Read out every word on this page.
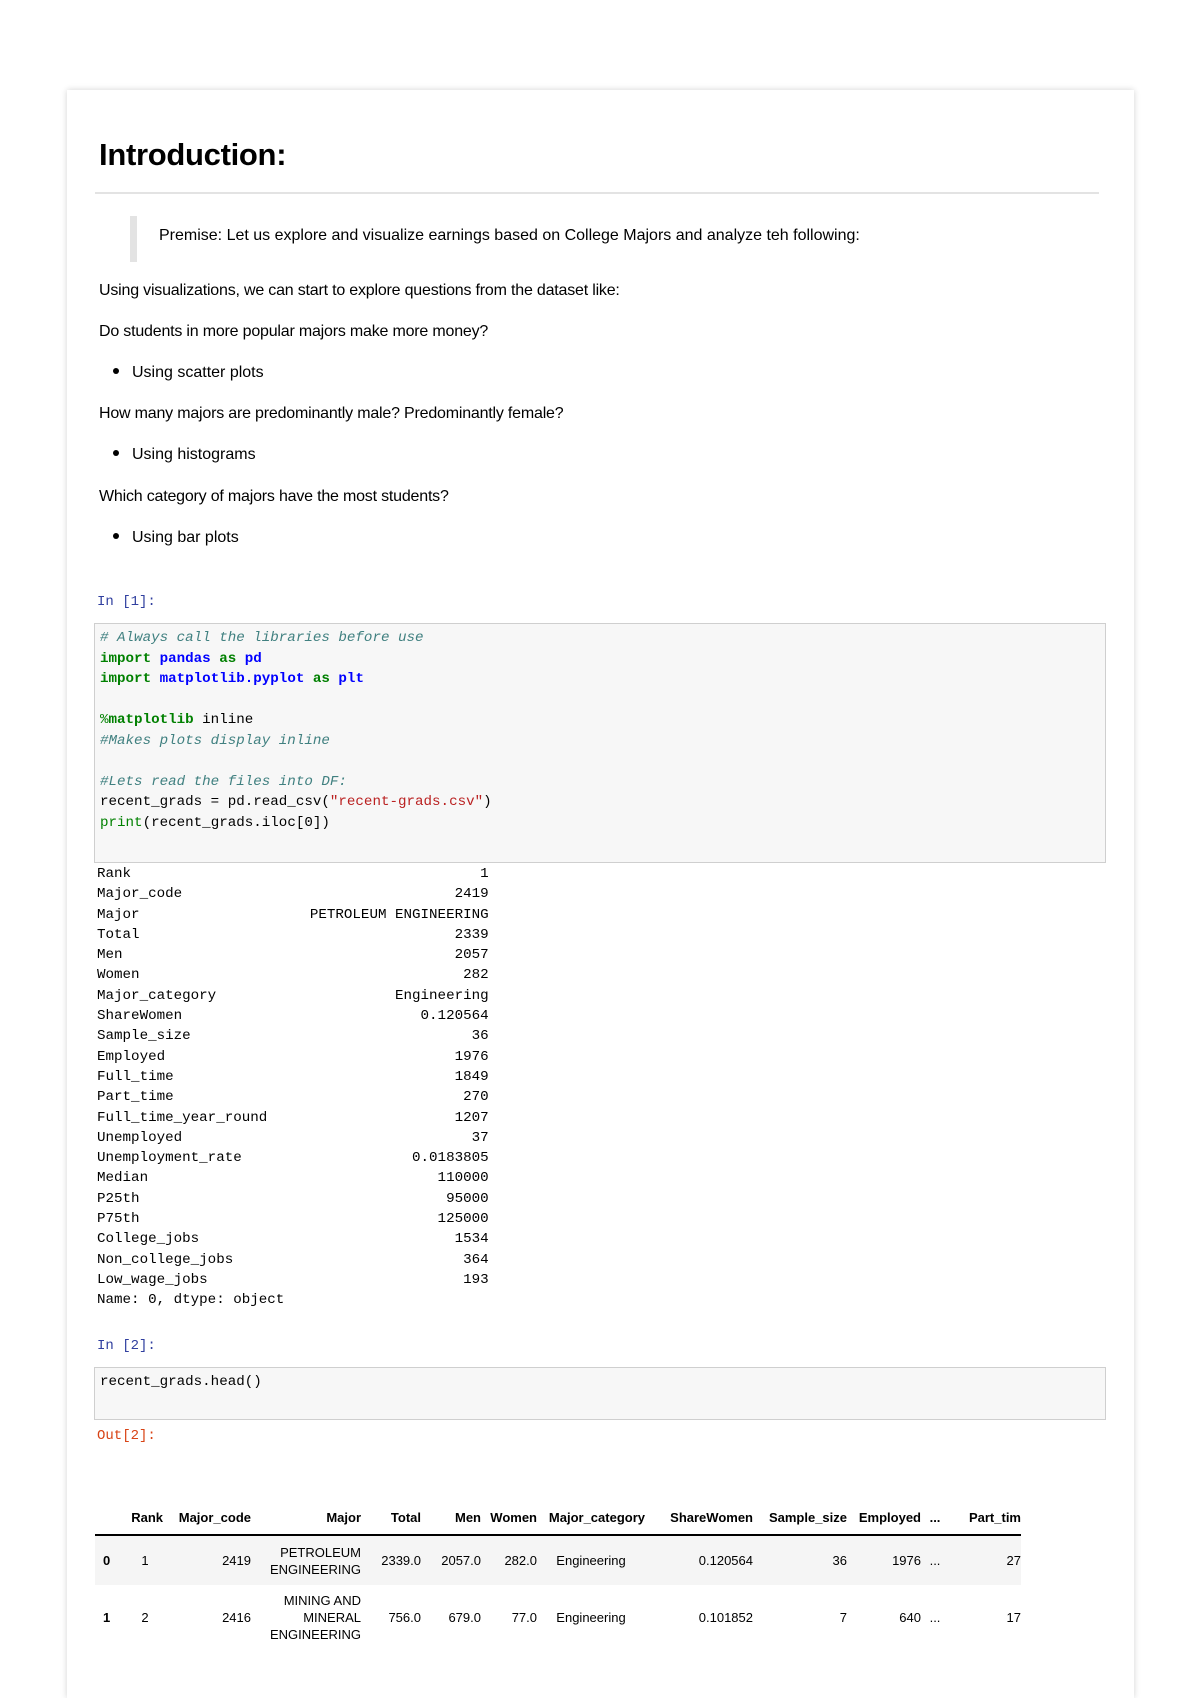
Introduction:

Premise: Let us explore and visualize earnings based on College Majors and analyze teh following:

Using visualizations, we can start to explore questions from the dataset like:

Do students in more popular majors make more money?

Using scatter plots

How many majors are predominantly male? Predominantly female?

Using histograms

Which category of majors have the most students?

Using bar plots

In [1]:

# Always call the libraries before use
import pandas as pd
import matplotlib.pyplot as plt

%matplotlib inline
#Makes plots display inline

#Lets read the files into DF:
recent_grads = pd.read_csv("recent-grads.csv")
print(recent_grads.iloc[0])
Rank                                         1
Major_code                                2419
Major                    PETROLEUM ENGINEERING
Total                                     2339
Men                                       2057
Women                                      282
Major_category                     Engineering
ShareWomen                            0.120564
Sample_size                                 36
Employed                                  1976
Full_time                                 1849
Part_time                                  270
Full_time_year_round                      1207
Unemployed                                  37
Unemployment_rate                    0.0183805
Median                                  110000
P25th                                    95000
P75th                                   125000
College_jobs                              1534
Non_college_jobs                           364
Low_wage_jobs                              193
Name: 0, dtype: object

In [2]:

recent_grads.head()

Out[2]:

	Rank	Major_code	Major	Total	Men	Women	Major_category	ShareWomen	Sample_size	Employed	...	Part_tim
0	1	2419	PETROLEUM ENGINEERING	2339.0	2057.0	282.0	Engineering	0.120564	36	1976	...	27
1	2	2416	MINING AND MINERAL ENGINEERING	756.0	679.0	77.0	Engineering	0.101852	7	640	...	17
